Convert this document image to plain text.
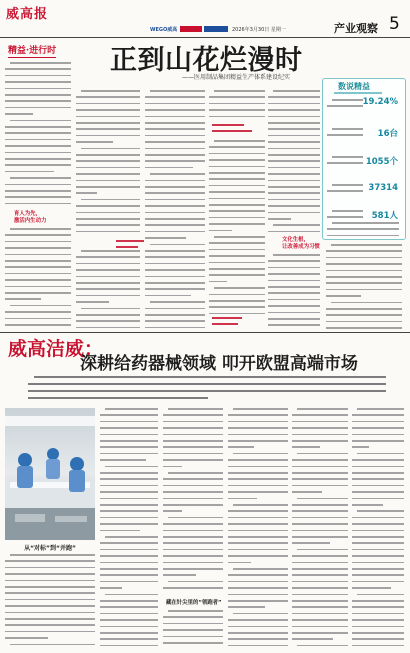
威高报
WEGO威高	2026年3月30日 星期一	产业观察 5
精益·进行时 正到山花烂漫时
——医用制品集团精益生产体系建设纪实
育人为先，
激活内生动力
文化生根，
让改善成为习惯
数说精益
19.24%
16台
1055个
37314
581人
威高洁威：
深耕给药器械领域 叩开欧盟高端市场
从“对标”到“并跑”
藏在针尖里的“领跑者”
